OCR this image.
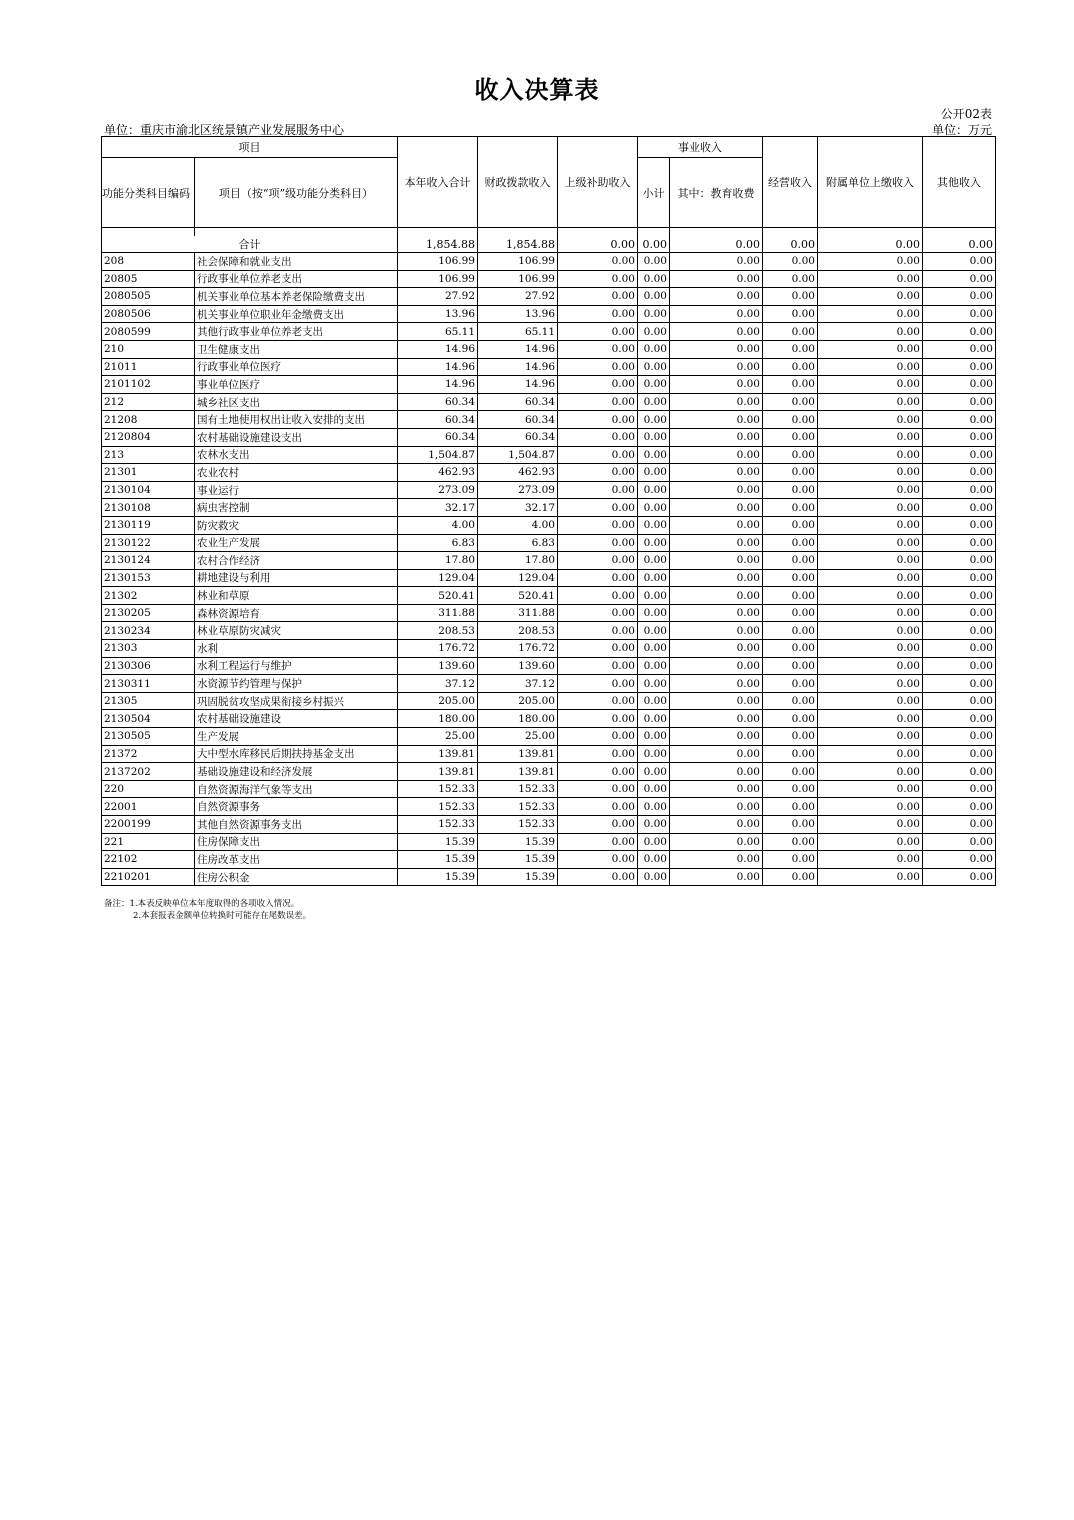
收入决算表
公开02表
单位：重庆市渝北区统景镇产业发展服务中心	单位：万元
项目		本年收入合计	财政拨款收入	上级补助收入	事业收入		经营收入	附属单位上缴收入	其他收入
功能分类科目编码	项目（按“项”级功能分类科目）				小计	其中：教育收费			

合计		1,854.88	1,854.88	0.00	0.00	0.00	0.00	0.00	0.00
208	社会保障和就业支出	106.99	106.99	0.00	0.00	0.00	0.00	0.00	0.00
20805	行政事业单位养老支出	106.99	106.99	0.00	0.00	0.00	0.00	0.00	0.00
2080505	机关事业单位基本养老保险缴费支出	27.92	27.92	0.00	0.00	0.00	0.00	0.00	0.00
2080506	机关事业单位职业年金缴费支出	13.96	13.96	0.00	0.00	0.00	0.00	0.00	0.00
2080599	其他行政事业单位养老支出	65.11	65.11	0.00	0.00	0.00	0.00	0.00	0.00
210	卫生健康支出	14.96	14.96	0.00	0.00	0.00	0.00	0.00	0.00
21011	行政事业单位医疗	14.96	14.96	0.00	0.00	0.00	0.00	0.00	0.00
2101102	事业单位医疗	14.96	14.96	0.00	0.00	0.00	0.00	0.00	0.00
212	城乡社区支出	60.34	60.34	0.00	0.00	0.00	0.00	0.00	0.00
21208	国有土地使用权出让收入安排的支出	60.34	60.34	0.00	0.00	0.00	0.00	0.00	0.00
2120804	农村基础设施建设支出	60.34	60.34	0.00	0.00	0.00	0.00	0.00	0.00
213	农林水支出	1,504.87	1,504.87	0.00	0.00	0.00	0.00	0.00	0.00
21301	农业农村	462.93	462.93	0.00	0.00	0.00	0.00	0.00	0.00
2130104	事业运行	273.09	273.09	0.00	0.00	0.00	0.00	0.00	0.00
2130108	病虫害控制	32.17	32.17	0.00	0.00	0.00	0.00	0.00	0.00
2130119	防灾救灾	4.00	4.00	0.00	0.00	0.00	0.00	0.00	0.00
2130122	农业生产发展	6.83	6.83	0.00	0.00	0.00	0.00	0.00	0.00
2130124	农村合作经济	17.80	17.80	0.00	0.00	0.00	0.00	0.00	0.00
2130153	耕地建设与利用	129.04	129.04	0.00	0.00	0.00	0.00	0.00	0.00
21302	林业和草原	520.41	520.41	0.00	0.00	0.00	0.00	0.00	0.00
2130205	森林资源培育	311.88	311.88	0.00	0.00	0.00	0.00	0.00	0.00
2130234	林业草原防灾减灾	208.53	208.53	0.00	0.00	0.00	0.00	0.00	0.00
21303	水利	176.72	176.72	0.00	0.00	0.00	0.00	0.00	0.00
2130306	水利工程运行与维护	139.60	139.60	0.00	0.00	0.00	0.00	0.00	0.00
2130311	水资源节约管理与保护	37.12	37.12	0.00	0.00	0.00	0.00	0.00	0.00
21305	巩固脱贫攻坚成果衔接乡村振兴	205.00	205.00	0.00	0.00	0.00	0.00	0.00	0.00
2130504	农村基础设施建设	180.00	180.00	0.00	0.00	0.00	0.00	0.00	0.00
2130505	生产发展	25.00	25.00	0.00	0.00	0.00	0.00	0.00	0.00
21372	大中型水库移民后期扶持基金支出	139.81	139.81	0.00	0.00	0.00	0.00	0.00	0.00
2137202	基础设施建设和经济发展	139.81	139.81	0.00	0.00	0.00	0.00	0.00	0.00
220	自然资源海洋气象等支出	152.33	152.33	0.00	0.00	0.00	0.00	0.00	0.00
22001	自然资源事务	152.33	152.33	0.00	0.00	0.00	0.00	0.00	0.00
2200199	其他自然资源事务支出	152.33	152.33	0.00	0.00	0.00	0.00	0.00	0.00
221	住房保障支出	15.39	15.39	0.00	0.00	0.00	0.00	0.00	0.00
22102	住房改革支出	15.39	15.39	0.00	0.00	0.00	0.00	0.00	0.00
2210201	住房公积金	15.39	15.39	0.00	0.00	0.00	0.00	0.00	0.00
备注：1.本表反映单位本年度取得的各项收入情况。
2.本套报表金额单位转换时可能存在尾数误差。
